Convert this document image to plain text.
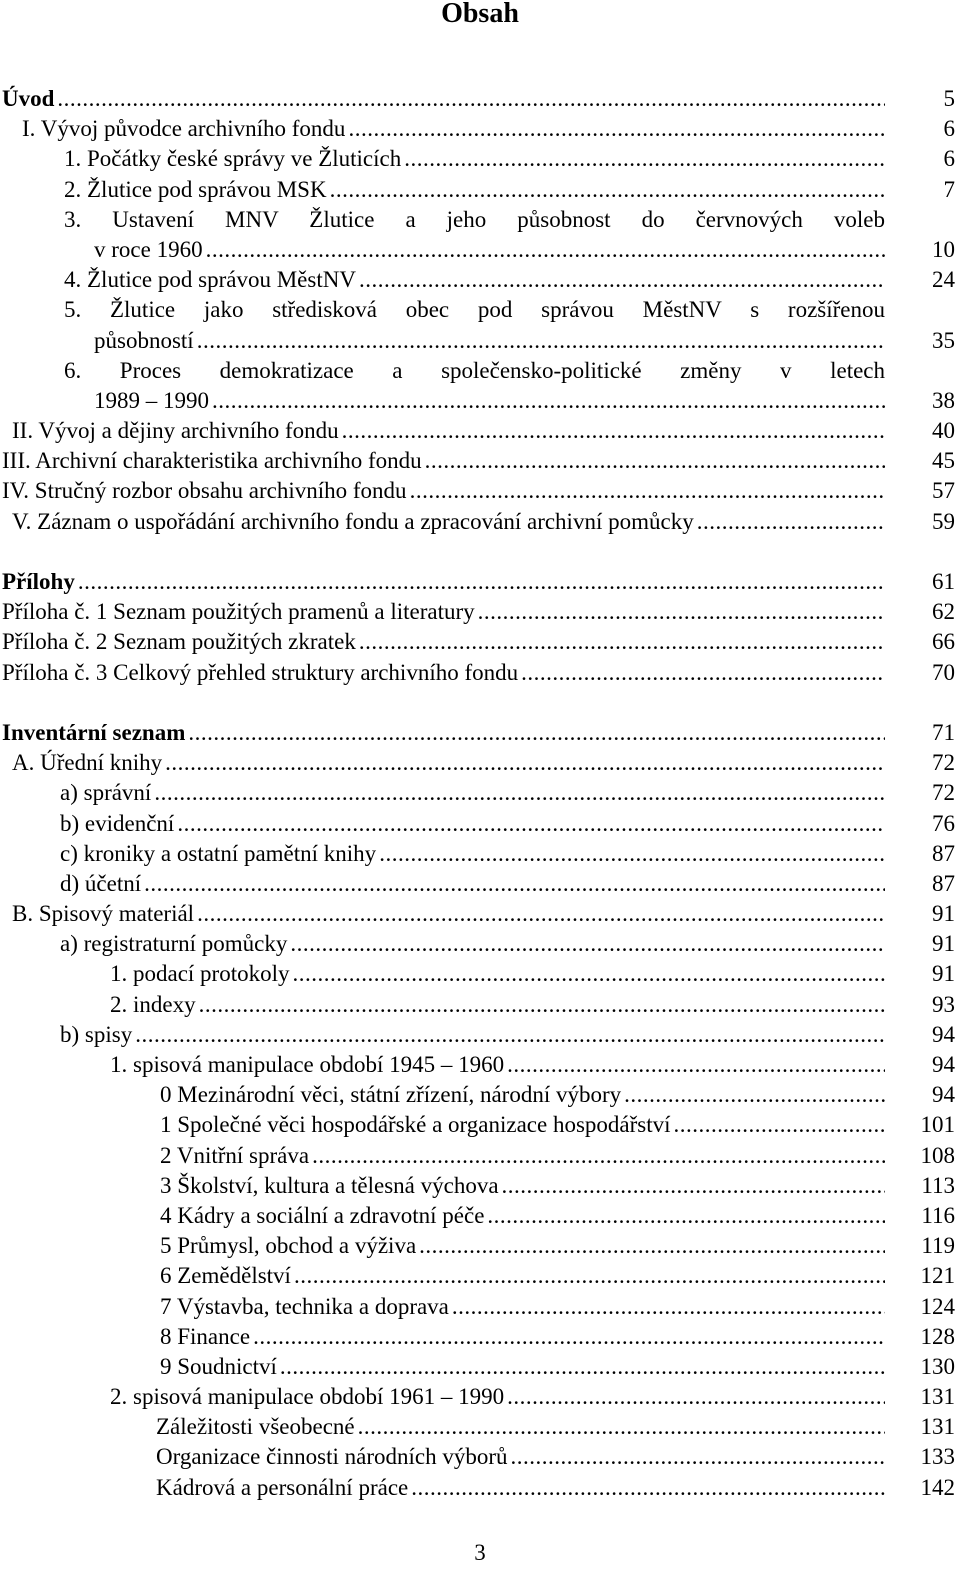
Obsah
Úvod .....	5
I. Vývoj původce archivního fondu .....	6
1. Počátky české správy ve Žluticích .....	6
2. Žlutice pod správou MSK .....	7
3. Ustavení MNV Žlutice a jeho působnost do červnových voleb
v roce 1960 .....	10
4. Žlutice pod správou MěstNV .....	24
5. Žlutice jako středisková obec pod správou MěstNV s rozšířenou
působností .....	35
6. Proces demokratizace a společensko-politické změny v letech
1989 – 1990 .....	38
II. Vývoj a dějiny archivního fondu .....	40
III. Archivní charakteristika archivního fondu .....	45
IV. Stručný rozbor obsahu archivního fondu .....	57
V. Záznam o uspořádání archivního fondu a zpracování archivní pomůcky .....	59
Přílohy .....	61
Příloha č. 1 Seznam použitých pramenů a literatury .....	62
Příloha č. 2 Seznam použitých zkratek .....	66
Příloha č. 3 Celkový přehled struktury archivního fondu .....	70
Inventární seznam .....	71
A. Úřední knihy .....	72
a) správní .....	72
b) evidenční .....	76
c) kroniky a ostatní pamětní knihy .....	87
d) účetní .....	87
B. Spisový materiál .....	91
a) registraturní pomůcky .....	91
1. podací protokoly .....	91
2. indexy .....	93
b) spisy .....	94
1. spisová manipulace období 1945 – 1960 .....	94
0 Mezinárodní věci, státní zřízení, národní výbory .....	94
1 Společné věci hospodářské a organizace hospodářství .....	101
2 Vnitřní správa .....	108
3 Školství, kultura a tělesná výchova .....	113
4 Kádry a sociální a zdravotní péče .....	116
5 Průmysl, obchod a výživa .....	119
6 Zemědělství .....	121
7 Výstavba, technika a doprava .....	124
8 Finance .....	128
9 Soudnictví .....	130
2. spisová manipulace období 1961 – 1990 .....	131
Záležitosti všeobecné .....	131
Organizace činnosti národních výborů .....	133
Kádrová a personální práce .....	142
3
